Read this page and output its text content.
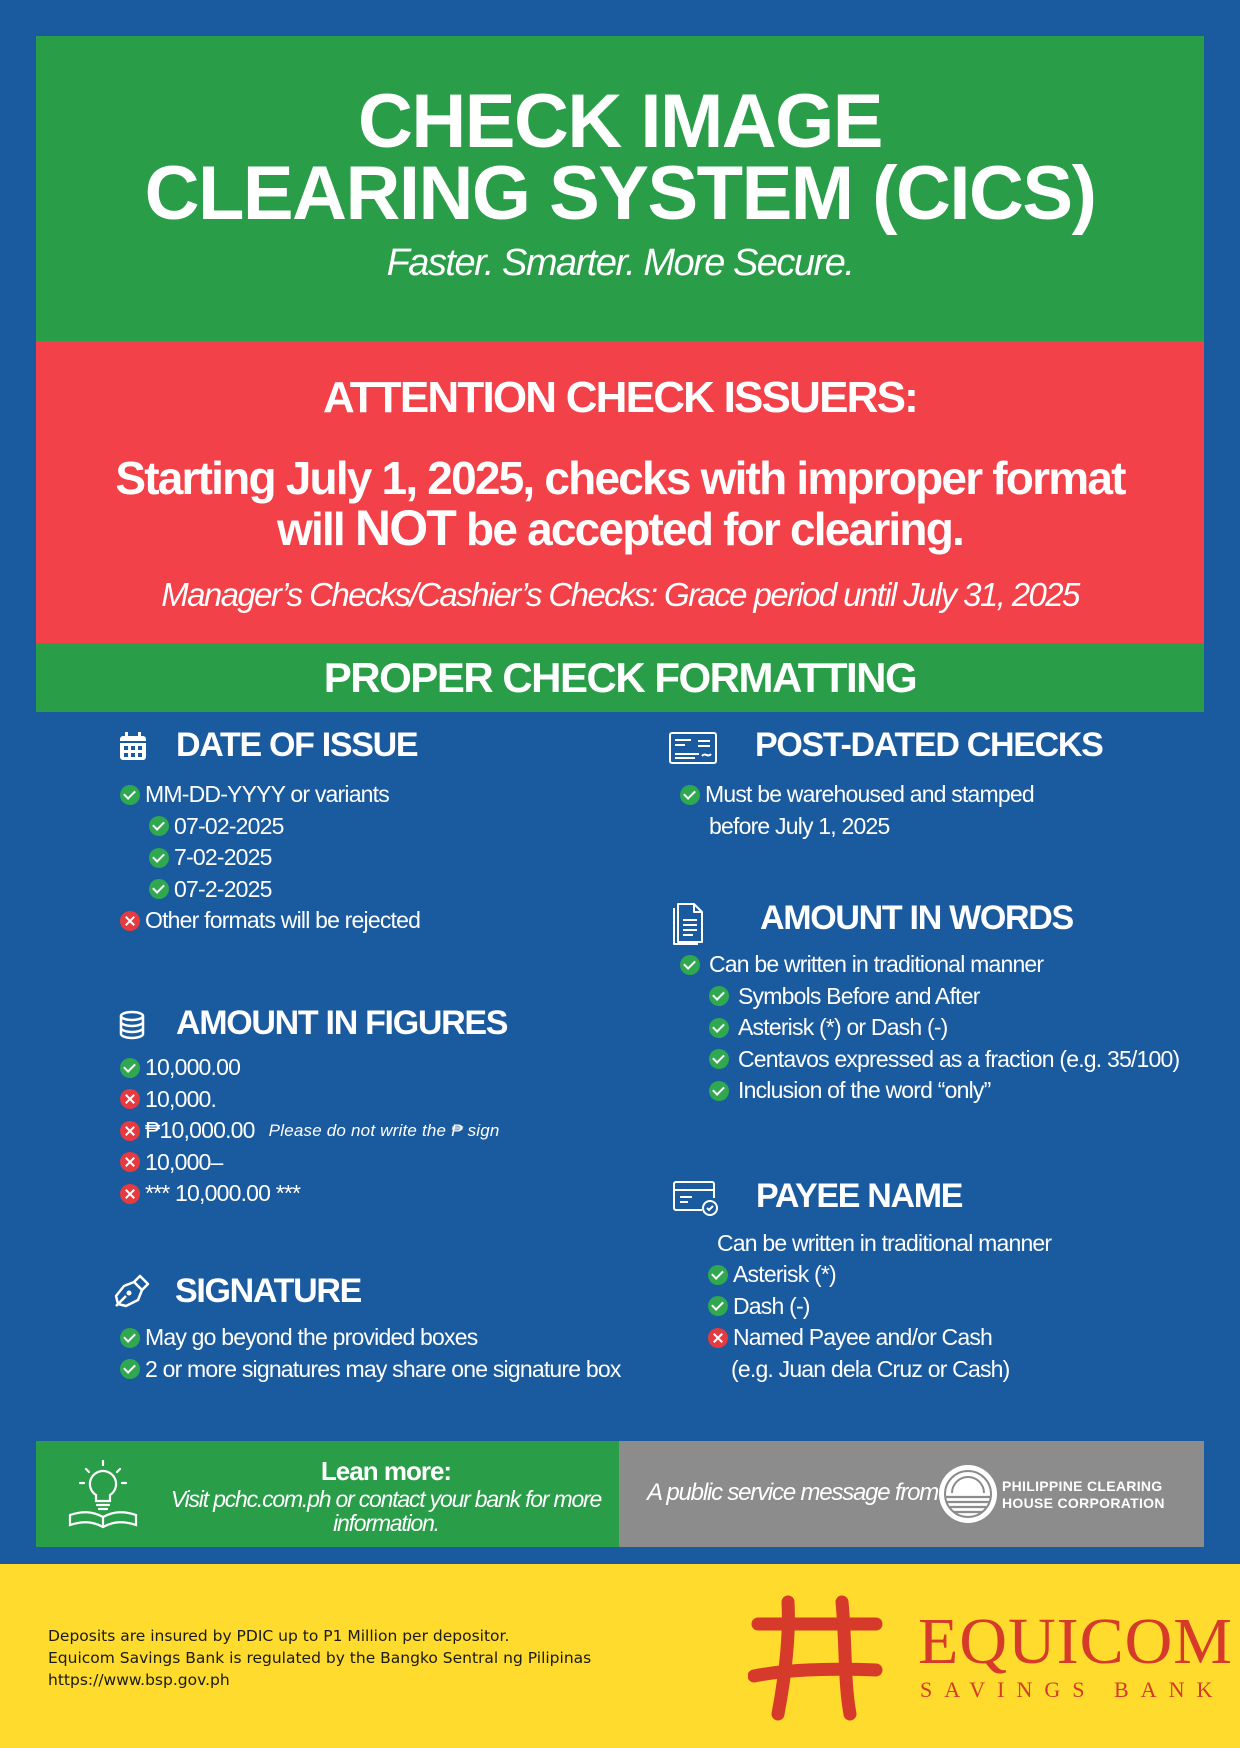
CHECK IMAGE
CLEARING SYSTEM (CICS)
Faster. Smarter. More Secure.
ATTENTION CHECK ISSUERS:
Starting July 1, 2025, checks with improper format
will NOT be accepted for clearing.
Manager’s Checks/Cashier’s Checks: Grace period until July 31, 2025
PROPER CHECK FORMATTING
DATE OF ISSUE
MM-DD-YYYY or variants
07-02-2025
7-02-2025
07-2-2025
Other formats will be rejected
AMOUNT IN FIGURES
10,000.00
10,000.
₱10,000.00 Please do not write the ₱ sign
10,000–
*** 10,000.00 ***
SIGNATURE
May go beyond the provided boxes
2 or more signatures may share one signature box
POST-DATED CHECKS
Must be warehoused and stamped
before July 1, 2025
AMOUNT IN WORDS
Can be written in traditional manner
Symbols Before and After
Asterisk (*) or Dash (-)
Centavos expressed as a fraction (e.g. 35/100)
Inclusion of the word “only”
PAYEE NAME
Can be written in traditional manner
Asterisk (*)
Dash (-)
Named Payee and/or Cash
(e.g. Juan dela Cruz or Cash)
Lean more:
Visit pchc.com.ph or contact your bank for more information.
A public service message from	PHILIPPINE CLEARING
HOUSE CORPORATION
Deposits are insured by PDIC up to P1 Million per depositor.
Equicom Savings Bank is regulated by the Bangko Sentral ng Pilipinas
https://www.bsp.gov.ph
EQUICOM
SAVINGS BANK
